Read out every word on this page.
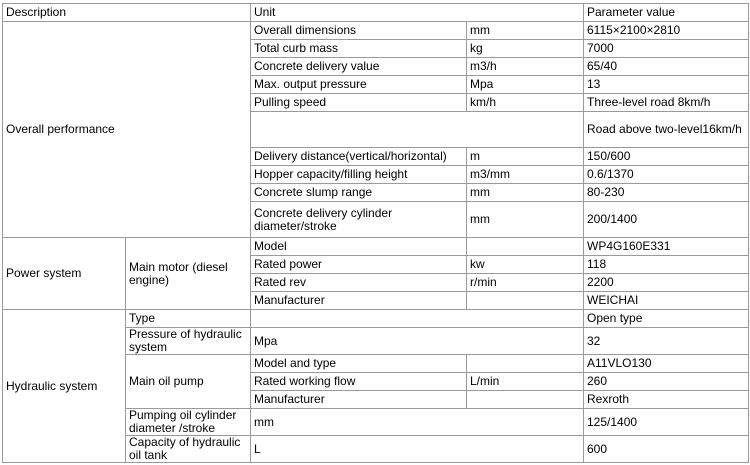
Description		Unit		Parameter value
Overall performance		Overall dimensions	mm	6115×2100×2810
		Total curb mass	kg	7000
		Concrete delivery value	m3/h	65/40
		Max. output pressure	Mpa	13
		Pulling speed	km/h	Three-level road 8km/h
				Road above two-level16km/h
		Delivery distance(vertical/horizontal)	m	150/600
		Hopper capacity/filling height	m3/mm	0.6/1370
		Concrete slump range	mm	80-230
		Concrete delivery cylinder diameter/stroke	mm	200/1400

Power system	Main motor (diesel engine)	Model		WP4G160E331
		Rated power	kw	118
		Rated rev	r/min	2200
		Manufacturer		WEICHAI
Hydraulic system	Type			Open type
	Pressure of hydraulic system	Mpa		32
	Main oil pump	Model and type		A11VLO130
		Rated working flow	L/min	260
		Manufacturer		Rexroth
	Pumping oil cylinder diameter /stroke	mm		125/1400
	Capacity of hydraulic oil tank	L		600
